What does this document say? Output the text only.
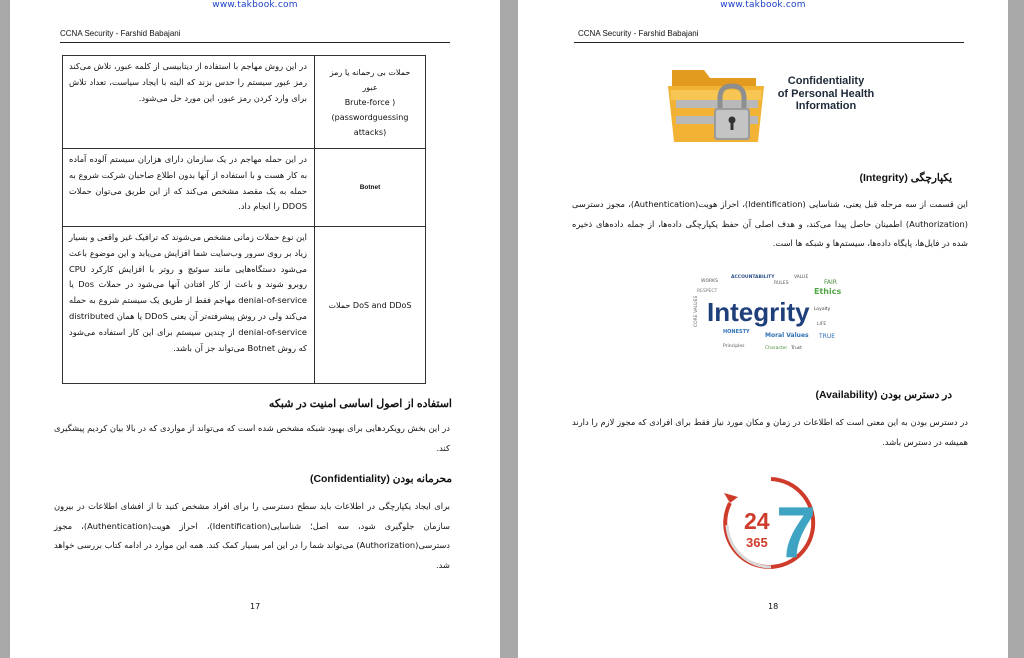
www.takbook.com
CCNA Security - Farshid Babajani
در این روش مهاجم با استفاده از دیتابیسی از کلمه عبور، تلاش می‌کند رمز عبور سیستم را حدس بزند که البته با ایجاد سیاست، تعداد تلاش برای وارد کردن رمز عبور، این مورد حل می‌شود.	حملات بی رحمانه یا رمز
عبور
Brute-force )
(passwordguessing
attacks)

در این حمله مهاجم در یک سازمان دارای هزاران سیستم آلوده آماده به کار هست و با استفاده از آنها بدون اطلاع صاحبان شرکت شروع به حمله به یک مقصد مشخص می‌کند که از این طریق می‌توان حملات DDOS را انجام داد.	Botnet

این نوع حملات زمانی مشخص می‌شوند که ترافیک غیر واقعی و بسیار زیاد بر روی سرور وب‌سایت شما افزایش می‌یابد و این موضوع باعث می‌شود دستگاه‌هایی مانند سوئیچ و روتر با افزایش کارکرد CPU روبرو شوند و باعث از کار افتادن آنها می‌شود در حملات Dos یا denial-of-service مهاجم فقط از طریق یک سیستم شروع به حمله می‌کند ولی در روش پیشرفته‌تر آن یعنی DDoS یا همان distributed denial-of-service از چندین سیستم برای این کار استفاده می‌شود که روش Botnet می‌تواند جز آن باشد.	حملات DoS and DDoS
استفاده از اصول اساسی امنیت در شبکه
در این بخش رویکردهایی برای بهبود شبکه مشخص شده است که می‌تواند از مواردی که در بالا بیان کردیم پیشگیری کند.
محرمانه بودن (Confidentiality)
برای ایجاد یکپارچگی در اطلاعات باید سطح دسترسی را برای افراد مشخص کنید تا از افشای اطلاعات در بیرون سازمان جلوگیری شود، سه اصل؛ شناسایی(Identification)، احراز هویت(Authentication)، مجوز دسترسی(Authorization) می‌تواند شما را در این امر بسیار کمک کند. همه این موارد در ادامه کتاب بررسی خواهد شد.
17
www.takbook.com
CCNA Security - Farshid Babajani
Confidentiality
of Personal Health
Information
یکپارچگی (Integrity)
این قسمت از سه مرحله قبل یعنی، شناسایی (Identification)، احراز هویت(Authentication)، مجوز دسترسی (Authorization) اطمینان حاصل پیدا می‌کند، و هدف اصلی آن حفظ یکپارچگی داده‌ها، از جمله داده‌های ذخیره شده در فایل‌ها، پایگاه داده‌ها، سیستم‌ها و شبکه ها است.
WORKS
ACCOUNTABILITY
RULES
VALUE
FAIR
Ethics
RESPECT
CORE VALUES Integrity Loyalty
HONESTY	Moral Values
LIFE
TRUE
Principles	Character Trust
در دسترس بودن (Availability)
در دسترس بودن به این معنی است که اطلاعات در زمان و مکان مورد نیاز فقط برای افرادی که مجوز لازم را دارند همیشه در دسترس باشد.
24
365 7
18
